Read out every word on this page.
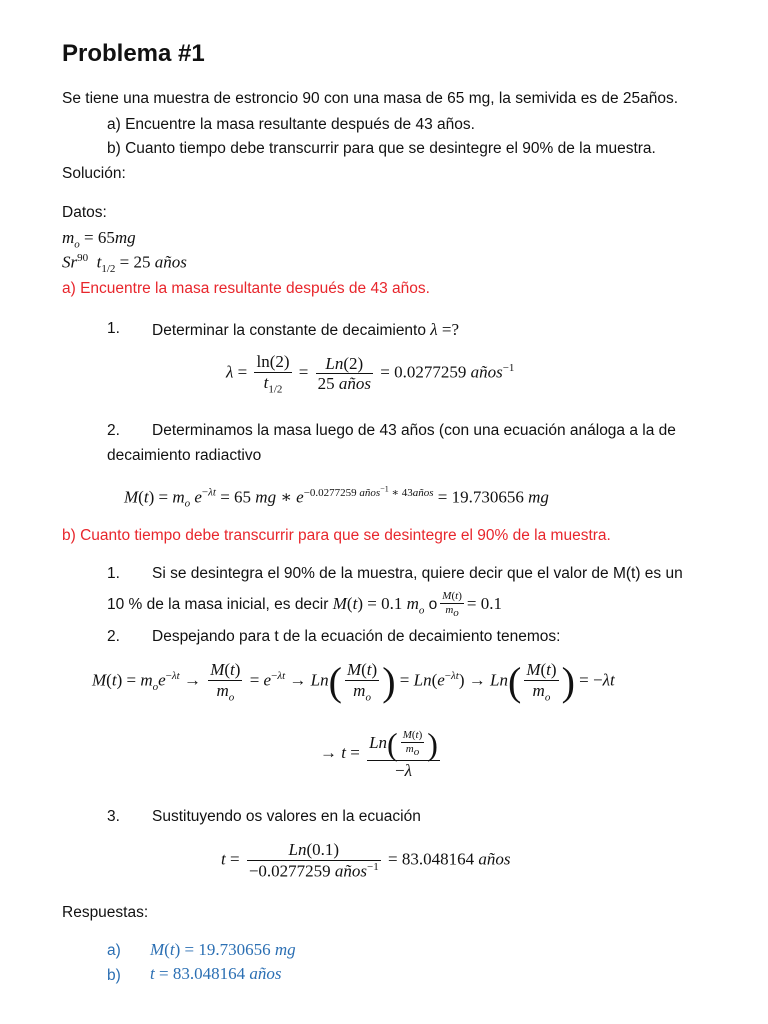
Problema #1
Se tiene una muestra de estroncio 90 con una masa de 65 mg, la semivida es de 25años.
a) Encuentre la masa resultante después de 43 años.
b) Cuanto tiempo debe transcurrir para que se desintegre el 90% de la muestra.
Solución:
Datos:
$m_o = 65mg$
Sr$^{90}$ $t_{1/2} = 25$ años
a) Encuentre la masa resultante después de 43 años.
1. Determinar la constante de decaimiento λ =?
$\lambda = \frac{\ln(2)}{t_{1/2}} = \frac{Ln(2)}{\text{25 años}} = 0.0277259$ años$^{-1}$
2. Determinamos la masa luego de 43 años (con una ecuación análoga a la de
decaimiento radiactivo
$M(t) = m_o$ $e^{-\lambda t} = 65$ mg ∗ $e^{-0.0277259 años^{-1} ∗ 43años} = 19.730656$ mg
b) Cuanto tiempo debe transcurrir para que se desintegre el 90% de la muestra.
1. Si se desintegra el 90% de la muestra, quiere decir que el valor de M(t) es un
10 % de la masa inicial, es decir M(t) = 0.1 $m_o$ o $\frac{M(t)}{m_o} = 0.1$
2. Despejando para t de la ecuación de decaimiento tenemos:
$M(t) = m_oe^{-\lambda t} \to \frac{M(t)}{m_o} = e^{-\lambda t} \to Ln( \frac{M(t)}{m_o}$ ) = $Ln(e^{-\lambda t}) \to Ln( \frac{M(t)}{m_o}$ ) = −λt
→ $t = \frac{Ln( \frac{M(t)}{m_o} )}{-\lambda}$
3. Sustituyendo os valores en la ecuación
$t = \frac{Ln(0.1)}{-0.0277259 años^{-1}} = 83.048164$ años
Respuestas:
a) M(t) = 19.730656 mg
b) t = 83.048164 años
